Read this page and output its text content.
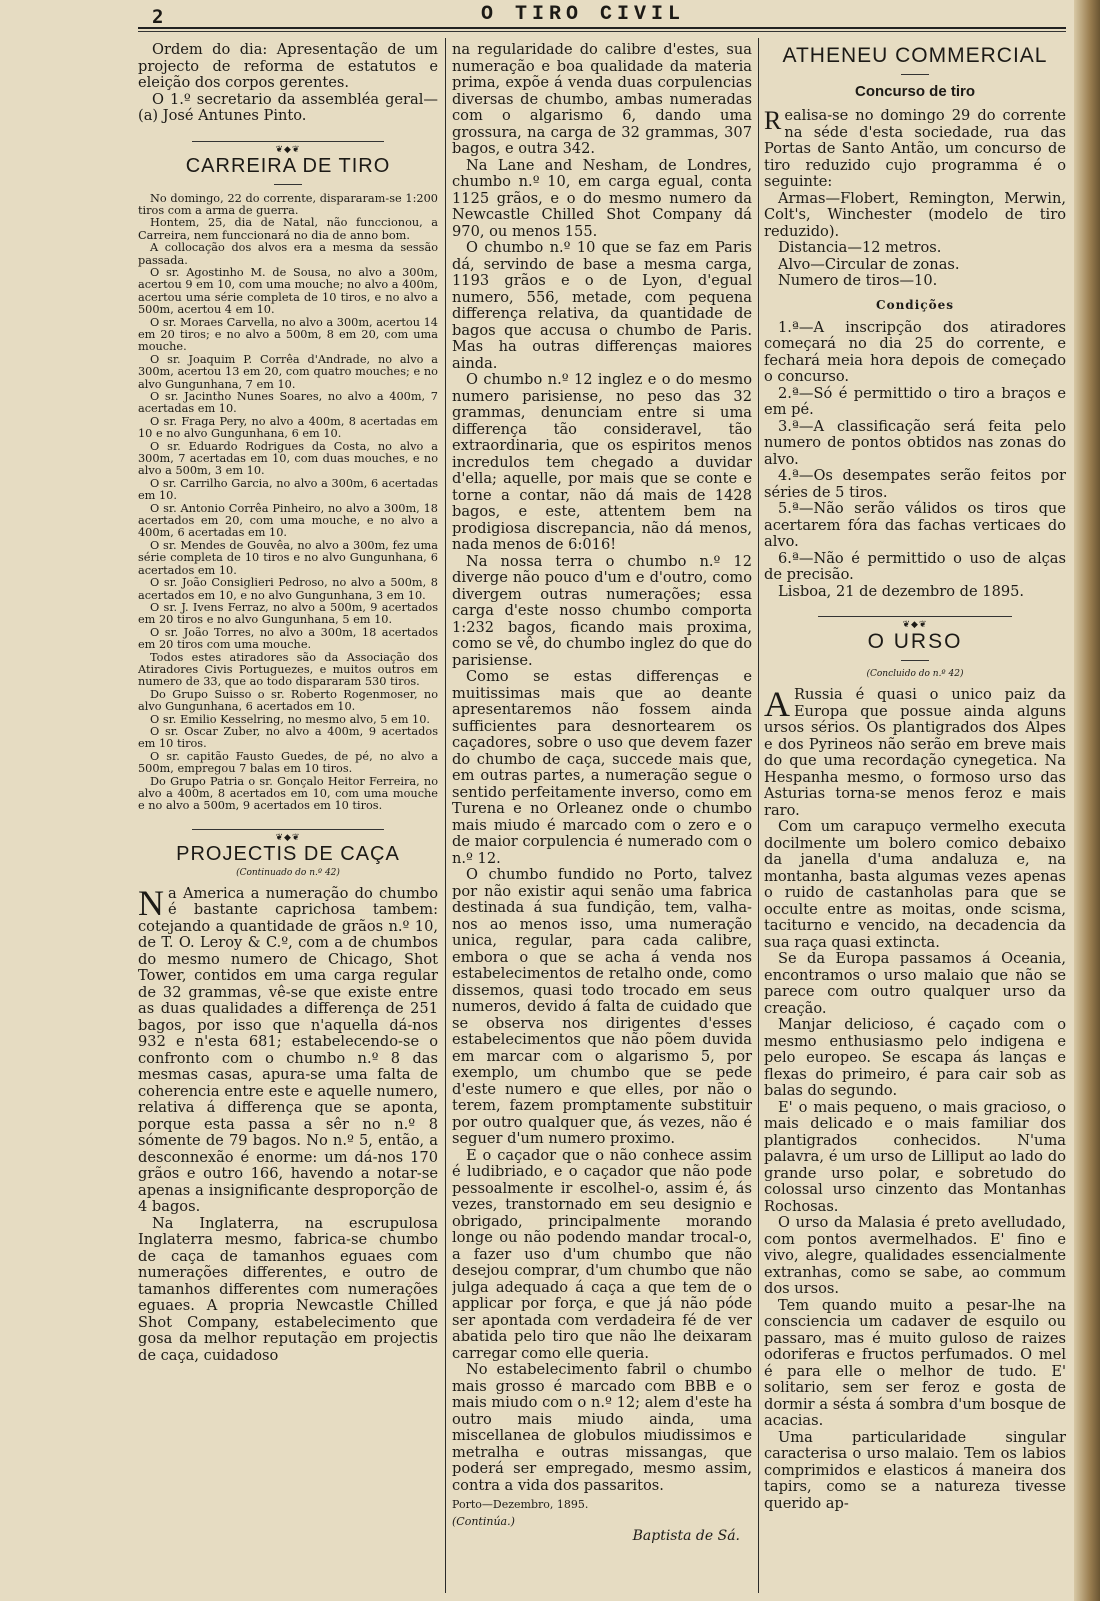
2	O TIRO CIVIL

Ordem do dia: Apresentação de um projecto de reforma de estatutos e eleição dos corpos gerentes.

O 1.º secretario da assembléa geral—(a) José Antunes Pinto.

❦◆❦
CARREIRA DE TIRO

No domingo, 22 do corrente, dispararam-se 1:200 tiros com a arma de guerra.

Hontem, 25, dia de Natal, não funccionou, a Carreira, nem funccionará no dia de anno bom.

A collocação dos alvos era a mesma da sessão passada.

O sr. Agostinho M. de Sousa, no alvo a 300m, acertou 9 em 10, com uma mouche; no alvo a 400m, acertou uma série completa de 10 tiros, e no alvo a 500m, acertou 4 em 10.

O sr. Moraes Carvella, no alvo a 300m, acertou 14 em 20 tiros; e no alvo a 500m, 8 em 20, com uma mouche.

O sr. Joaquim P. Corrêa d'Andrade, no alvo a 300m, acertou 13 em 20, com quatro mouches; e no alvo Gungunhana, 7 em 10.

O sr. Jacintho Nunes Soares, no alvo a 400m, 7 acertadas em 10.

O sr. Fraga Pery, no alvo a 400m, 8 acertadas em 10 e no alvo Gungunhana, 6 em 10.

O sr. Eduardo Rodrigues da Costa, no alvo a 300m, 7 acertadas em 10, com duas mouches, e no alvo a 500m, 3 em 10.

O sr. Carrilho Garcia, no alvo a 300m, 6 acertadas em 10.

O sr. Antonio Corrêa Pinheiro, no alvo a 300m, 18 acertados em 20, com uma mouche, e no alvo a 400m, 6 acertadas em 10.

O sr. Mendes de Gouvêa, no alvo a 300m, fez uma série completa de 10 tiros e no alvo Gungunhana, 6 acertados em 10.

O sr. João Consiglieri Pedroso, no alvo a 500m, 8 acertados em 10, e no alvo Gungunhana, 3 em 10.

O sr. J. Ivens Ferraz, no alvo a 500m, 9 acertados em 20 tiros e no alvo Gungunhana, 5 em 10.

O sr. João Torres, no alvo a 300m, 18 acertados em 20 tiros com uma mouche.

Todos estes atiradores são da Associação dos Atiradores Civis Portuguezes, e muitos outros em numero de 33, que ao todo dispararam 530 tiros.

Do Grupo Suisso o sr. Roberto Rogenmoser, no alvo Gungunhana, 6 acertados em 10.

O sr. Emilio Kesselring, no mesmo alvo, 5 em 10.

O sr. Oscar Zuber, no alvo a 400m, 9 acertados em 10 tiros.

O sr. capitão Fausto Guedes, de pé, no alvo a 500m, empregou 7 balas em 10 tiros.

Do Grupo Patria o sr. Gonçalo Heitor Ferreira, no alvo a 400m, 8 acertados em 10, com uma mouche e no alvo a 500m, 9 acertados em 10 tiros.

❦◆❦
PROJECTIS DE CAÇA
(Continuado do n.º 42)

Na America a numeração do chumbo é bastante caprichosa tambem: cotejando a quantidade de grãos n.º 10, de T. O. Leroy & C.º, com a de chumbos do mesmo numero de Chicago, Shot Tower, contidos em uma carga regular de 32 grammas, vê-se que existe entre as duas qualidades a differença de 251 bagos, por isso que n'aquella dá-nos 932 e n'esta 681; estabelecendo-se o confronto com o chumbo n.º 8 das mesmas casas, apura-se uma falta de coherencia entre este e aquelle numero, relativa á differença que se aponta, porque esta passa a sêr no n.º 8 sómente de 79 bagos. No n.º 5, então, a desconnexão é enorme: um dá-nos 170 grãos e outro 166, havendo a notar-se apenas a insignificante desproporção de 4 bagos.

Na Inglaterra, na escrupulosa Inglaterra mesmo, fabrica-se chumbo de caça de tamanhos eguaes com numerações differentes, e outro de tamanhos differentes com numerações eguaes. A propria Newcastle Chilled Shot Company, estabelecimento que gosa da melhor reputação em projectis de caça, cuidadoso

na regularidade do calibre d'estes, sua numeração e boa qualidade da materia prima, expõe á venda duas corpulencias diversas de chumbo, ambas numeradas com o algarismo 6, dando uma grossura, na carga de 32 grammas, 307 bagos, e outra 342.

Na Lane and Nesham, de Londres, chumbo n.º 10, em carga egual, conta 1125 grãos, e o do mesmo numero da Newcastle Chilled Shot Company dá 970, ou menos 155.

O chumbo n.º 10 que se faz em Paris dá, servindo de base a mesma carga, 1193 grãos e o de Lyon, d'egual numero, 556, metade, com pequena differença relativa, da quantidade de bagos que accusa o chumbo de Paris. Mas ha outras differenças maiores ainda.

O chumbo n.º 12 inglez e o do mesmo numero parisiense, no peso das 32 grammas, denunciam entre si uma differença tão consideravel, tão extraordinaria, que os espiritos menos incredulos tem chegado a duvidar d'ella; aquelle, por mais que se conte e torne a contar, não dá mais de 1428 bagos, e este, attentem bem na prodigiosa discrepancia, não dá menos, nada menos de 6:016!

Na nossa terra o chumbo n.º 12 diverge não pouco d'um e d'outro, como divergem outras numerações; essa carga d'este nosso chumbo comporta 1:232 bagos, ficando mais proxima, como se vê, do chumbo inglez do que do parisiense.

Como se estas differenças e muitissimas mais que ao deante apresentaremos não fossem ainda sufficientes para desnortearem os caçadores, sobre o uso que devem fazer do chumbo de caça, succede mais que, em outras partes, a numeração segue o sentido perfeitamente inverso, como em Turena e no Orleanez onde o chumbo mais miudo é marcado com o zero e o de maior corpulencia é numerado com o n.º 12.

O chumbo fundido no Porto, talvez por não existir aqui senão uma fabrica destinada á sua fundição, tem, valha-nos ao menos isso, uma numeração unica, regular, para cada calibre, embora o que se acha á venda nos estabelecimentos de retalho onde, como dissemos, quasi todo trocado em seus numeros, devido á falta de cuidado que se observa nos dirigentes d'esses estabelecimentos que não põem duvida em marcar com o algarismo 5, por exemplo, um chumbo que se pede d'este numero e que elles, por não o terem, fazem promptamente substituir por outro qualquer que, ás vezes, não é seguer d'um numero proximo.

E o caçador que o não conhece assim é ludibriado, e o caçador que não pode pessoalmente ir escolhel-o, assim é, ás vezes, transtornado em seu designio e obrigado, principalmente morando longe ou não podendo mandar trocal-o, a fazer uso d'um chumbo que não desejou comprar, d'um chumbo que não julga adequado á caça a que tem de o applicar por força, e que já não póde ser apontada com verdadeira fé de ver abatida pelo tiro que não lhe deixaram carregar como elle queria.

No estabelecimento fabril o chumbo mais grosso é marcado com BBB e o mais miudo com o n.º 12; alem d'este ha outro mais miudo ainda, uma miscellanea de globulos miudissimos e metralha e outras missangas, que poderá ser empregado, mesmo assim, contra a vida dos passaritos.

Porto—Dezembro, 1895.
(Continúa.)
Baptista de Sá.
ATHENEU COMMERCIAL
Concurso de tiro

Realisa-se no domingo 29 do corrente na séde d'esta sociedade, rua das Portas de Santo Antão, um concurso de tiro reduzido cujo programma é o seguinte:

Armas—Flobert, Remington, Merwin, Colt's, Winchester (modelo de tiro reduzido).

Distancia—12 metros.

Alvo—Circular de zonas.

Numero de tiros—10.

Condições

1.ª—A inscripção dos atiradores começará no dia 25 do corrente, e fechará meia hora depois de começado o concurso.

2.ª—Só é permittido o tiro a braços e em pé.

3.ª—A classificação será feita pelo numero de pontos obtidos nas zonas do alvo.

4.ª—Os desempates serão feitos por séries de 5 tiros.

5.ª—Não serão válidos os tiros que acertarem fóra das fachas verticaes do alvo.

6.ª—Não é permittido o uso de alças de precisão.

Lisboa, 21 de dezembro de 1895.

❦◆❦
O URSO
(Concluido do n.º 42)

A Russia é quasi o unico paiz da Europa que possue ainda alguns ursos sérios. Os plantigrados dos Alpes e dos Pyrineos não serão em breve mais do que uma recordação cynegetica. Na Hespanha mesmo, o formoso urso das Asturias torna-se menos feroz e mais raro.

Com um carapuço vermelho executa docilmente um bolero comico debaixo da janella d'uma andaluza e, na montanha, basta algumas vezes apenas o ruido de castanholas para que se occulte entre as moitas, onde scisma, taciturno e vencido, na decadencia da sua raça quasi extincta.

Se da Europa passamos á Oceania, encontramos o urso malaio que não se parece com outro qualquer urso da creação.

Manjar delicioso, é caçado com o mesmo enthusiasmo pelo indigena e pelo europeo. Se escapa ás lanças e flexas do primeiro, é para cair sob as balas do segundo.

E' o mais pequeno, o mais gracioso, o mais delicado e o mais familiar dos plantigrados conhecidos. N'uma palavra, é um urso de Lilliput ao lado do grande urso polar, e sobretudo do colossal urso cinzento das Montanhas Rochosas.

O urso da Malasia é preto avelludado, com pontos avermelhados. E' fino e vivo, alegre, qualidades essencialmente extranhas, como se sabe, ao commum dos ursos.

Tem quando muito a pesar-lhe na consciencia um cadaver de esquilo ou passaro, mas é muito guloso de raizes odoriferas e fructos perfumados. O mel é para elle o melhor de tudo. E' solitario, sem ser feroz e gosta de dormir a sésta á sombra d'um bosque de acacias.

Uma particularidade singular caracterisa o urso malaio. Tem os labios comprimidos e elasticos á maneira dos tapirs, como se a natureza tivesse querido ap-
